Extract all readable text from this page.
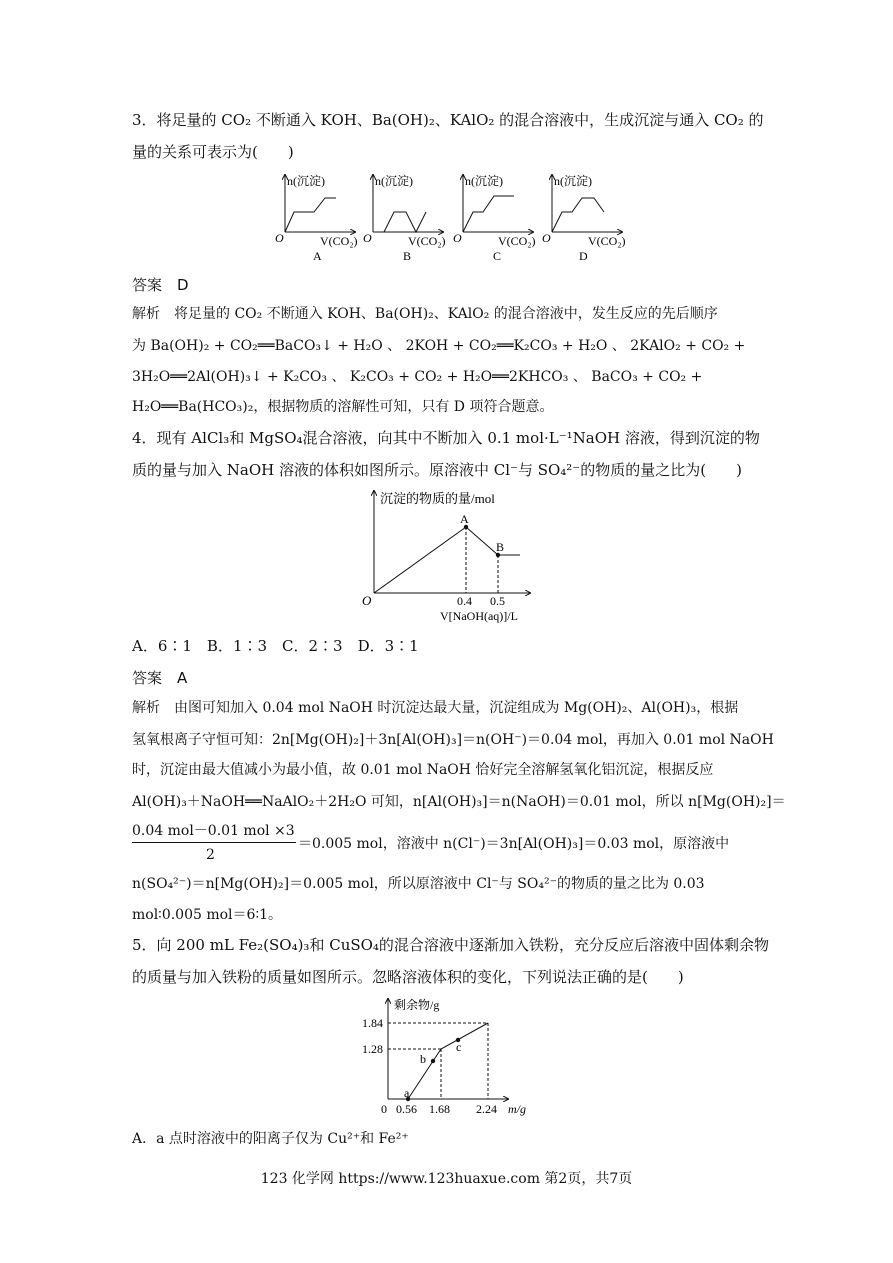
3．将足量的 CO₂ 不断通入 KOH、Ba(OH)₂、KAlO₂ 的混合溶液中，生成沉淀与通入 CO₂ 的
量的关系可表示为(　　)
n(沉淀)
O	V(CO₂)
A
n(沉淀)
O	V(CO₂)
B
n(沉淀)
O	V(CO₂)
C
n(沉淀)
O	V(CO₂)
D
答案　D
解析　将足量的 CO₂ 不断通入 KOH、Ba(OH)₂、KAlO₂ 的混合溶液中，发生反应的先后顺序
为 Ba(OH)₂ + CO₂══BaCO₃↓ + H₂O 、 2KOH + CO₂══K₂CO₃ + H₂O 、 2KAlO₂ + CO₂ +
3H₂O══2Al(OH)₃↓ + K₂CO₃ 、 K₂CO₃ + CO₂ + H₂O══2KHCO₃ 、 BaCO₃ + CO₂ +
H₂O══Ba(HCO₃)₂，根据物质的溶解性可知，只有 D 项符合题意。
4．现有 AlCl₃和 MgSO₄混合溶液，向其中不断加入 0.1 mol·L⁻¹NaOH 溶液，得到沉淀的物
质的量与加入 NaOH 溶液的体积如图所示。原溶液中 Cl⁻与 SO₄²⁻的物质的量之比为(　　)
沉淀的物质的量/mol
O
A
B
0.4 0.5
V[NaOH(aq)]/L
A．6∶1　B．1∶3　C．2∶3　D．3∶1
答案　A
解析　由图可知加入 0.04 mol NaOH 时沉淀达最大量，沉淀组成为 Mg(OH)₂、Al(OH)₃，根据
氢氧根离子守恒可知：2n[Mg(OH)₂]＋3n[Al(OH)₃]＝n(OH⁻)＝0.04 mol，再加入 0.01 mol NaOH
时，沉淀由最大值减小为最小值，故 0.01 mol NaOH 恰好完全溶解氢氧化铝沉淀，根据反应
Al(OH)₃＋NaOH══NaAlO₂＋2H₂O 可知，n[Al(OH)₃]＝n(NaOH)＝0.01 mol，所以 n[Mg(OH)₂]＝
0.04 mol－0.01 mol ×3
2
＝0.005 mol，溶液中 n(Cl⁻)＝3n[Al(OH)₃]＝0.03 mol，原溶液中
n(SO₄²⁻)＝n[Mg(OH)₂]＝0.005 mol，所以原溶液中 Cl⁻与 SO₄²⁻的物质的量之比为 0.03
mol∶0.005 mol＝6∶1。
5．向 200 mL Fe₂(SO₄)₃和 CuSO₄的混合溶液中逐渐加入铁粉，充分反应后溶液中固体剩余物
的质量与加入铁粉的质量如图所示。忽略溶液体积的变化，下列说法正确的是(　　)
剩余物/g
1.84
1.28
a
b
c
0 0.56 1.68 2.24 m/g
A．a 点时溶液中的阳离子仅为 Cu²⁺和 Fe²⁺
123 化学网 https://www.123huaxue.com 第2页，共7页
